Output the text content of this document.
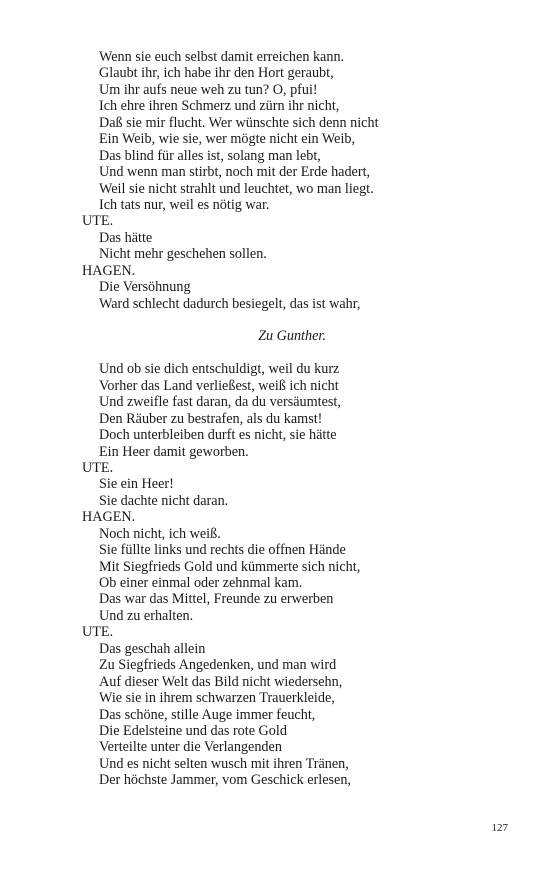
Wenn sie euch selbst damit erreichen kann.
Glaubt ihr, ich habe ihr den Hort geraubt,
Um ihr aufs neue weh zu tun? O, pfui!
Ich ehre ihren Schmerz und zürn ihr nicht,
Daß sie mir flucht. Wer wünschte sich denn nicht
Ein Weib, wie sie, wer mögte nicht ein Weib,
Das blind für alles ist, solang man lebt,
Und wenn man stirbt, noch mit der Erde hadert,
Weil sie nicht strahlt und leuchtet, wo man liegt.
Ich tats nur, weil es nötig war.
UTE.
Das hätte
Nicht mehr geschehen sollen.
HAGEN.
Die Versöhnung
Ward schlecht dadurch besiegelt, das ist wahr,
Zu Gunther.
Und ob sie dich entschuldigt, weil du kurz
Vorher das Land verließest, weiß ich nicht
Und zweifle fast daran, da du versäumtest,
Den Räuber zu bestrafen, als du kamst!
Doch unterbleiben durft es nicht, sie hätte
Ein Heer damit geworben.
UTE.
Sie ein Heer!
Sie dachte nicht daran.
HAGEN.
Noch nicht, ich weiß.
Sie füllte links und rechts die offnen Hände
Mit Siegfrieds Gold und kümmerte sich nicht,
Ob einer einmal oder zehnmal kam.
Das war das Mittel, Freunde zu erwerben
Und zu erhalten.
UTE.
Das geschah allein
Zu Siegfrieds Angedenken, und man wird
Auf dieser Welt das Bild nicht wiedersehn,
Wie sie in ihrem schwarzen Trauerkleide,
Das schöne, stille Auge immer feucht,
Die Edelsteine und das rote Gold
Verteilte unter die Verlangenden
Und es nicht selten wusch mit ihren Tränen,
Der höchste Jammer, vom Geschick erlesen,
127
